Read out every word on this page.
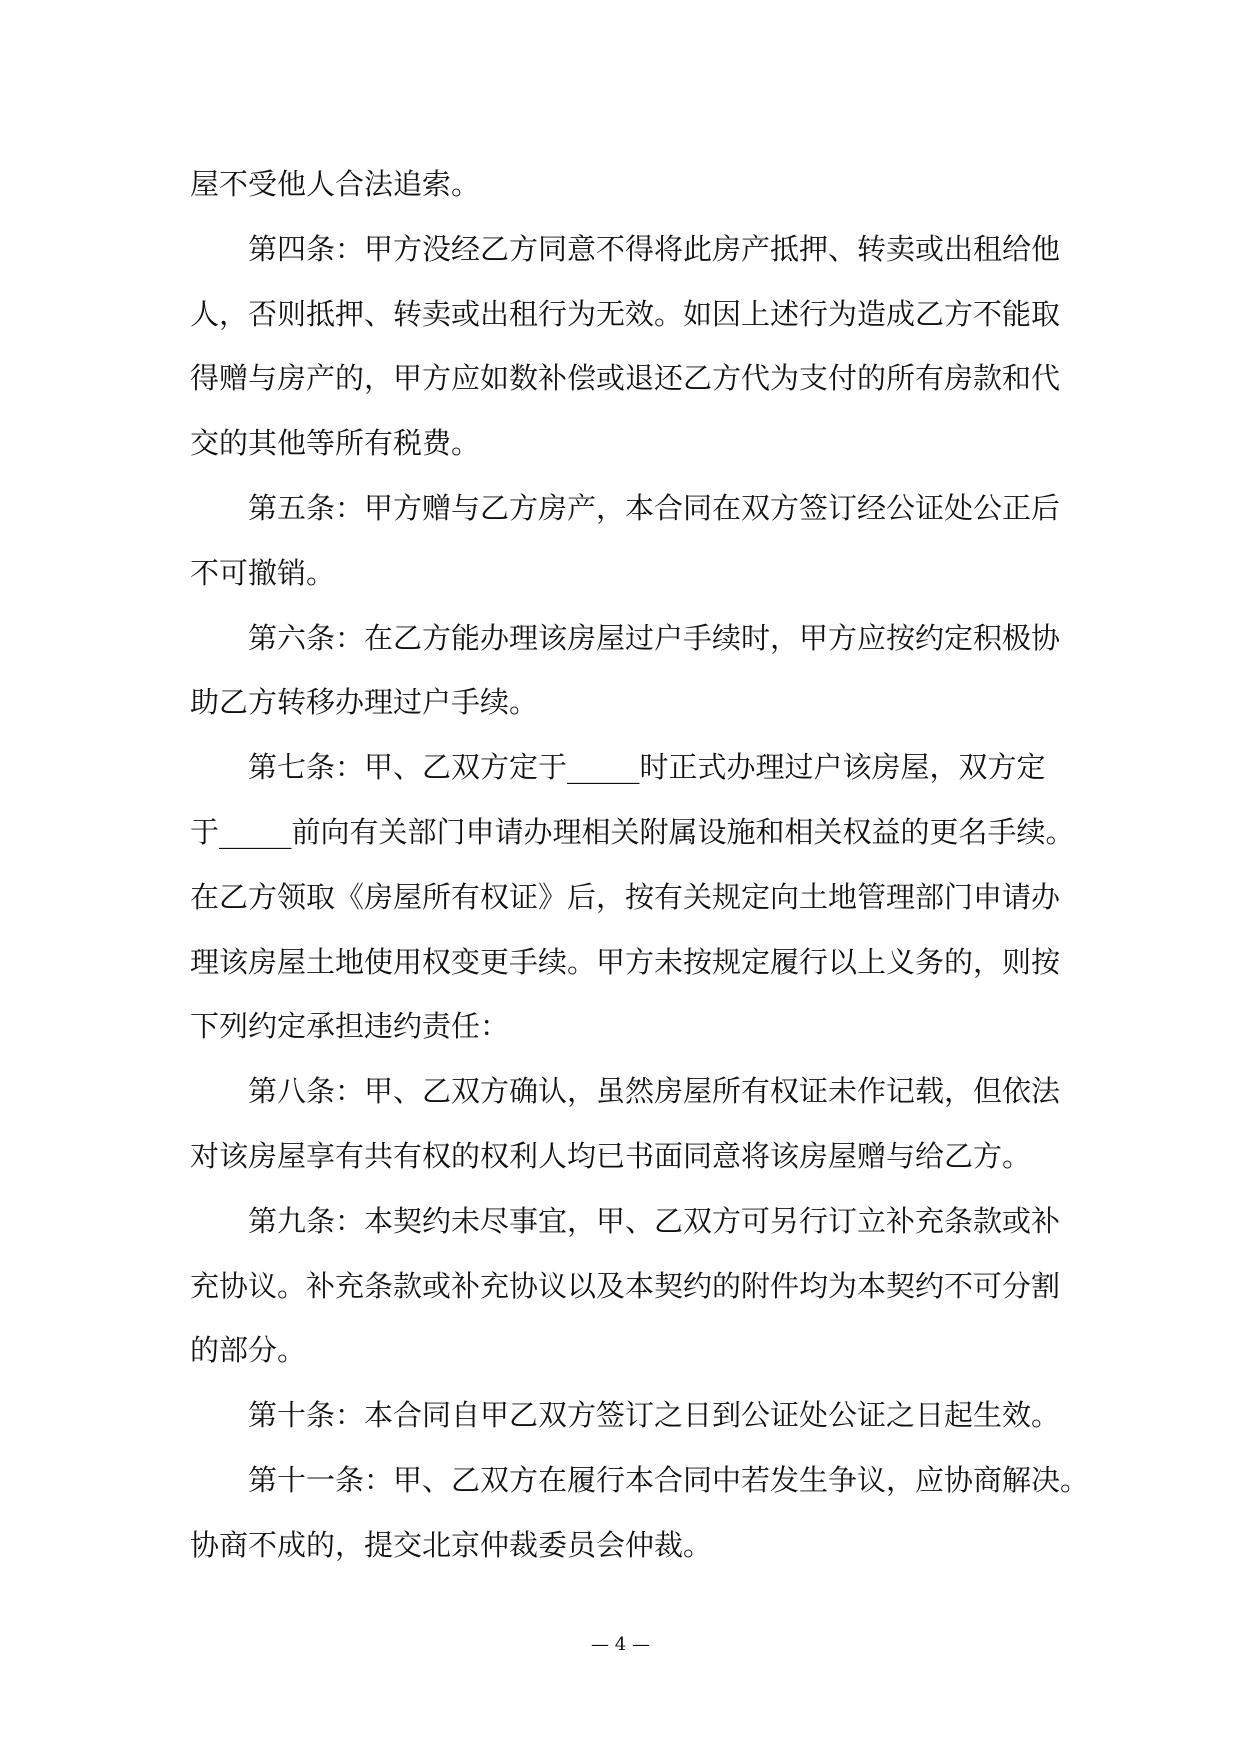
屋不受他人合法追索。
第四条：甲方没经乙方同意不得将此房产抵押、转卖或出租给他
人，否则抵押、转卖或出租行为无效。如因上述行为造成乙方不能取
得赠与房产的，甲方应如数补偿或退还乙方代为支付的所有房款和代
交的其他等所有税费。
第五条：甲方赠与乙方房产，本合同在双方签订经公证处公正后
不可撤销。
第六条：在乙方能办理该房屋过户手续时，甲方应按约定积极协
助乙方转移办理过户手续。
第七条：甲、乙双方定于_____时正式办理过户该房屋，双方定
于_____前向有关部门申请办理相关附属设施和相关权益的更名手续。
在乙方领取《房屋所有权证》后，按有关规定向土地管理部门申请办
理该房屋土地使用权变更手续。甲方未按规定履行以上义务的，则按
下列约定承担违约责任：
第八条：甲、乙双方确认，虽然房屋所有权证未作记载，但依法
对该房屋享有共有权的权利人均已书面同意将该房屋赠与给乙方。
第九条：本契约未尽事宜，甲、乙双方可另行订立补充条款或补
充协议。补充条款或补充协议以及本契约的附件均为本契约不可分割
的部分。
第十条：本合同自甲乙双方签订之日到公证处公证之日起生效。
第十一条：甲、乙双方在履行本合同中若发生争议，应协商解决。
协商不成的，提交北京仲裁委员会仲裁。
— 4 —
